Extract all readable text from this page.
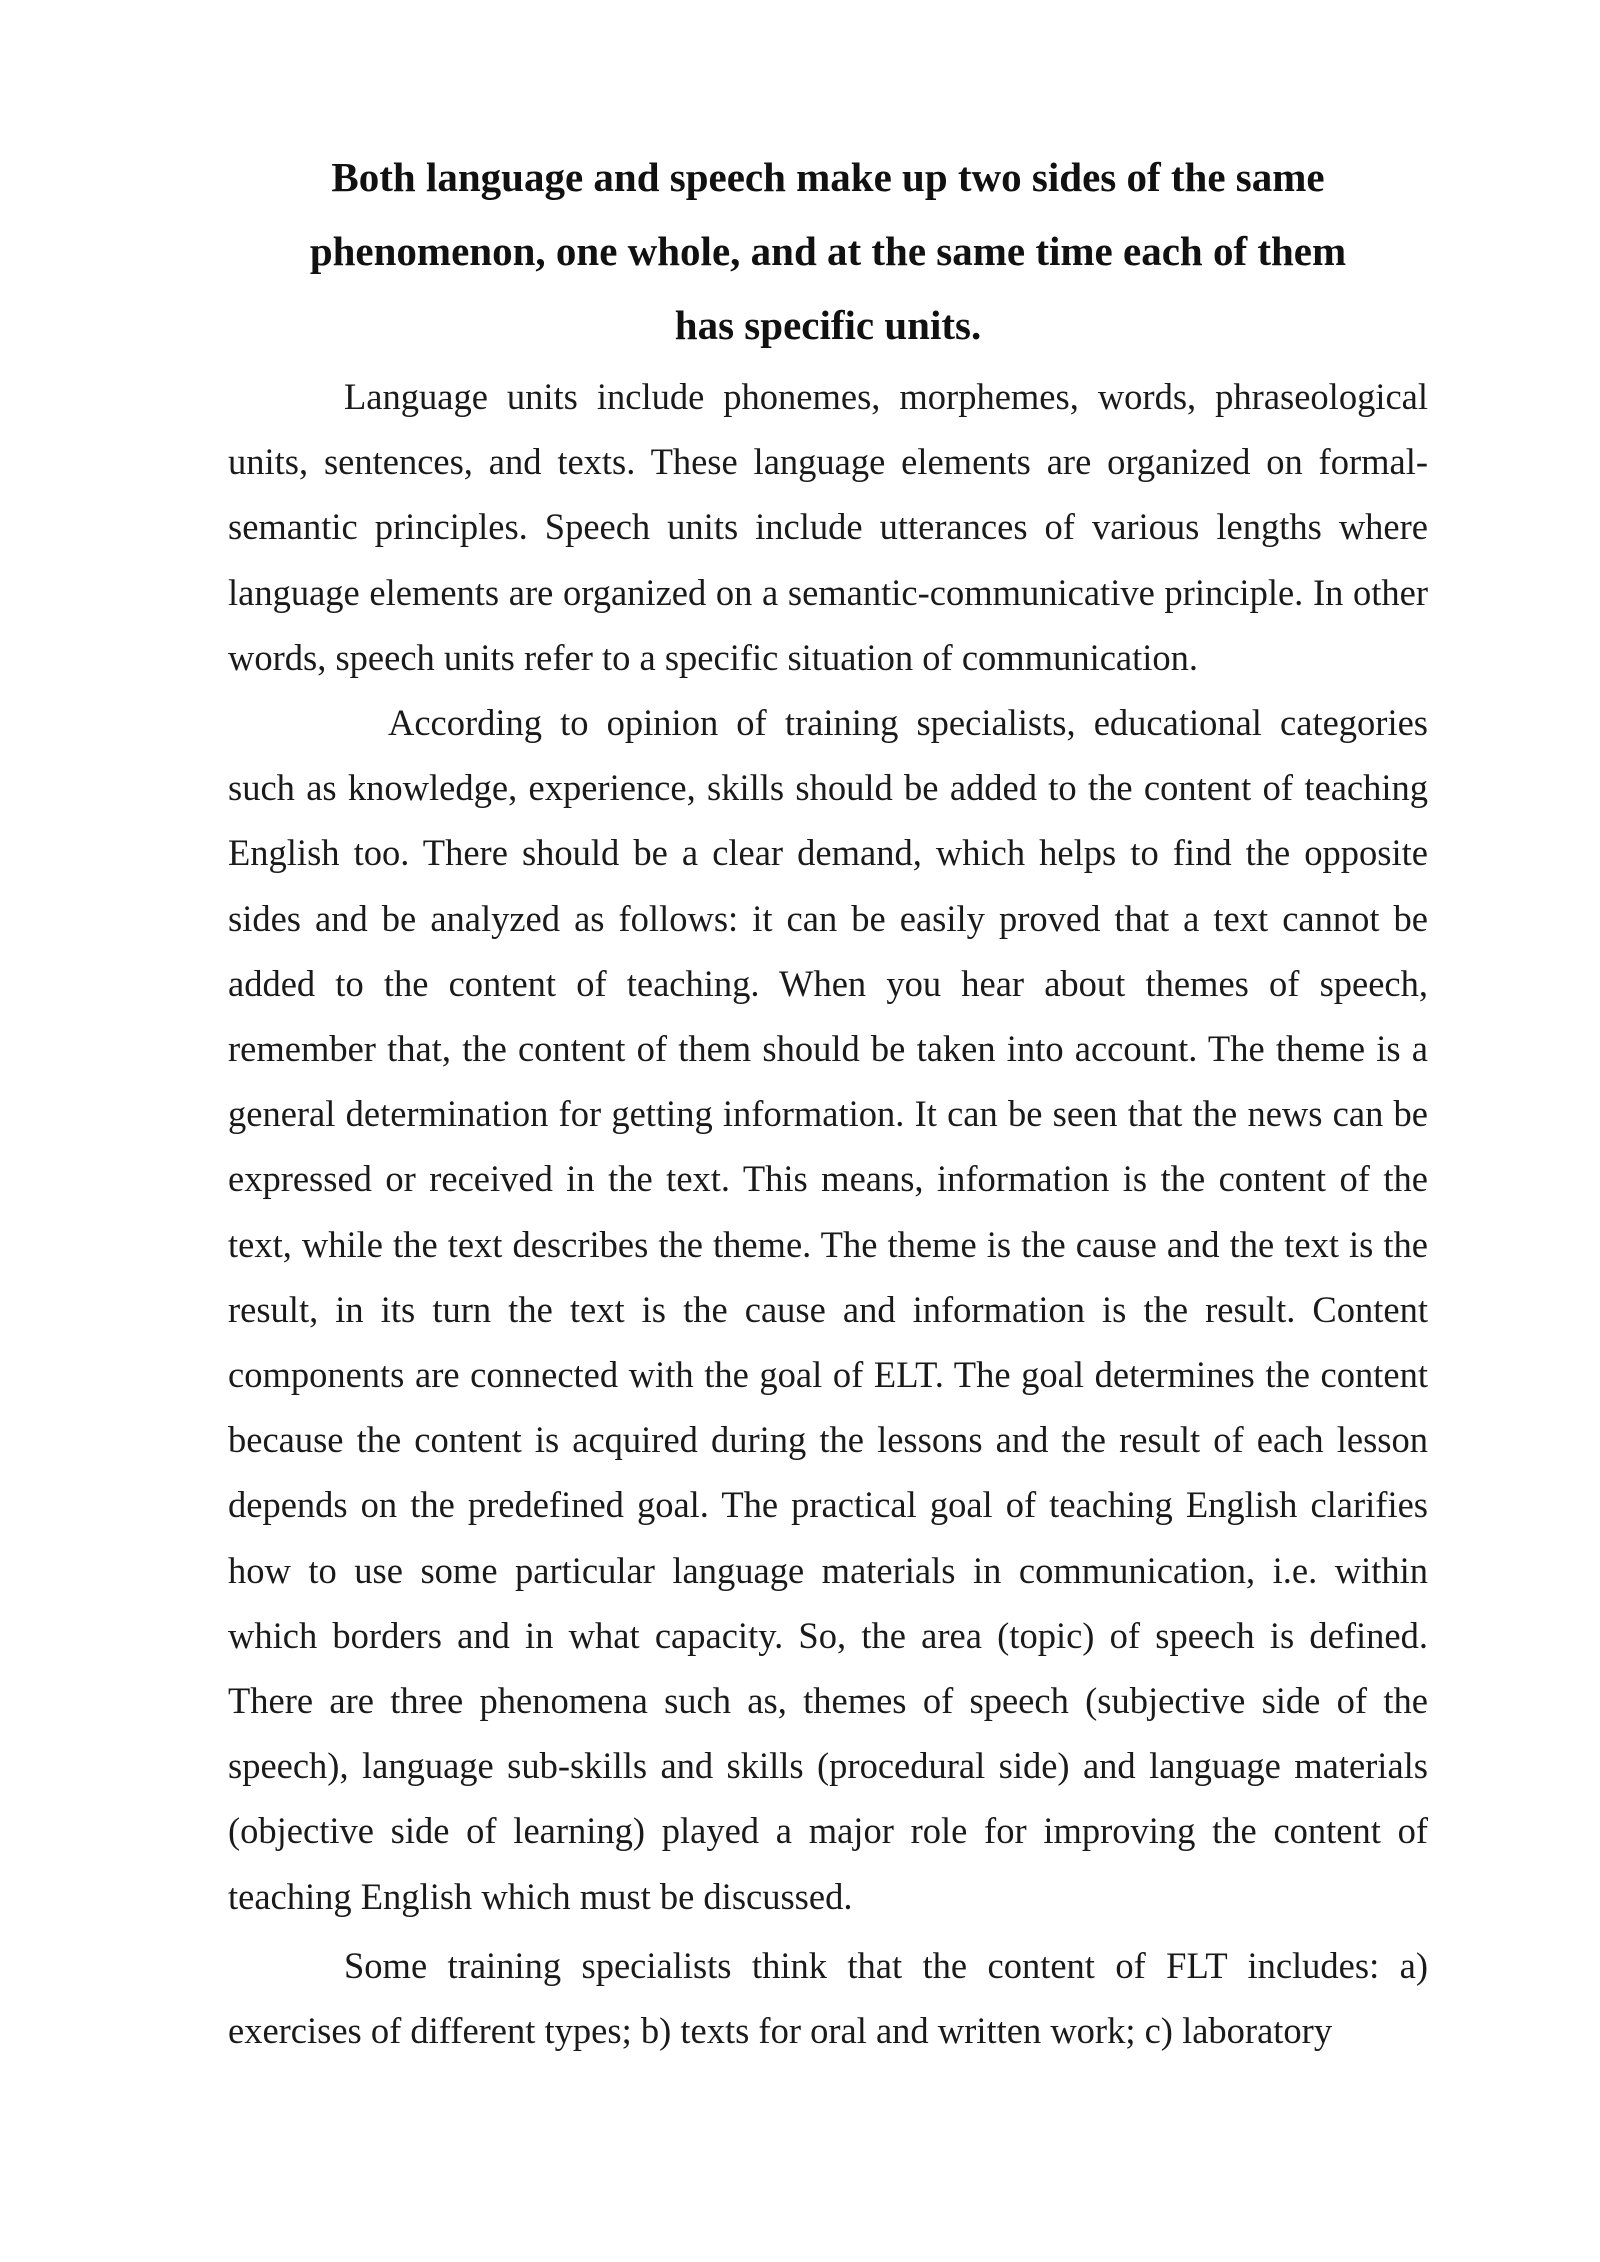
Both language and speech make up two sides of the same
phenomenon, one whole, and at the same time each of them
has specific units.

Language units include phonemes, morphemes, words, phraseological units, sentences, and texts. These language elements are organized on formal-semantic principles. Speech units include utterances of various lengths where language elements are organized on a semantic-communicative principle. In other words, speech units refer to a specific situation of communication.

According to opinion of training specialists, educational categories such as knowledge, experience, skills should be added to the content of teaching English too. There should be a clear demand, which helps to find the opposite sides and be analyzed as follows: it can be easily proved that a text cannot be added to the content of teaching. When you hear about themes of speech, remember that, the content of them should be taken into account. The theme is a general determination for getting information. It can be seen that the news can be expressed or received in the text. This means, information is the content of the text, while the text describes the theme. The theme is the cause and the text is the result, in its turn the text is the cause and information is the result. Content components are connected with the goal of ELT. The goal determines the content because the content is acquired during the lessons and the result of each lesson depends on the predefined goal. The practical goal of teaching English clarifies how to use some particular language materials in communication, i.e. within which borders and in what capacity. So, the area (topic) of speech is defined. There are three phenomena such as, themes of speech (subjective side of the speech), language sub-skills and skills (procedural side) and language materials (objective side of learning) played a major role for improving the content of teaching English which must be discussed.

Some training specialists think that the content of FLT includes: a) exercises of different types; b) texts for oral and written work; c) laboratory
